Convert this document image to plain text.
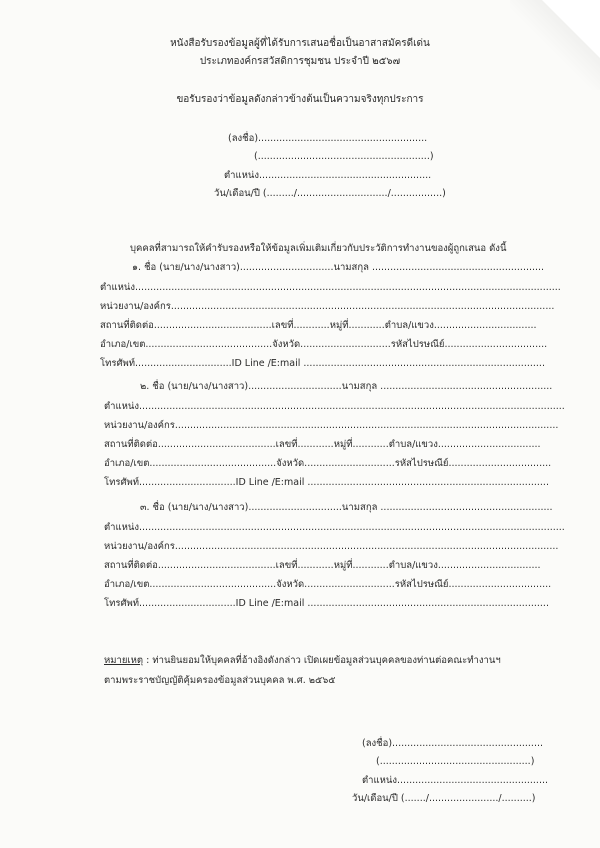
หนังสือรับรองข้อมูลผู้ที่ได้รับการเสนอชื่อเป็นอาสาสมัครดีเด่น
ประเภทองค์กรสวัสดิการชุมชน ประจำปี ๒๕๖๗
ขอรับรองว่าข้อมูลดังกล่าวข้างต้นเป็นความจริงทุกประการ
(ลงชื่อ)........................................................
(.........................................................)
ตำแหน่ง.........................................................
วัน/เดือน/ปี (........./............................../.................)
บุคคลที่สามารถให้คำรับรองหรือให้ข้อมูลเพิ่มเติมเกี่ยวกับประวัติการทำงานของผู้ถูกเสนอ ดังนี้
๑. ชื่อ (นาย/นาง/นางสาว)...............................นามสกุล .........................................................
ตำแหน่ง.............................................................................................................................................
หน่วยงาน/องค์กร...............................................................................................................................
สถานที่ติดต่อ.......................................เลขที่............หมู่ที่............ตำบล/แขวง..................................
อำเภอ/เขต..........................................จังหวัด..............................รหัสไปรษณีย์..................................
โทรศัพท์................................ID Line /E:mail ................................................................................
๒. ชื่อ (นาย/นาง/นางสาว)...............................นามสกุล .........................................................
ตำแหน่ง.............................................................................................................................................
หน่วยงาน/องค์กร...............................................................................................................................
สถานที่ติดต่อ.......................................เลขที่............หมู่ที่............ตำบล/แขวง..................................
อำเภอ/เขต..........................................จังหวัด..............................รหัสไปรษณีย์..................................
โทรศัพท์................................ID Line /E:mail ................................................................................
๓. ชื่อ (นาย/นาง/นางสาว)...............................นามสกุล .........................................................
ตำแหน่ง.............................................................................................................................................
หน่วยงาน/องค์กร...............................................................................................................................
สถานที่ติดต่อ.......................................เลขที่............หมู่ที่............ตำบล/แขวง..................................
อำเภอ/เขต..........................................จังหวัด..............................รหัสไปรษณีย์..................................
โทรศัพท์................................ID Line /E:mail ................................................................................
หมายเหตุ : ท่านยินยอมให้บุคคลที่อ้างอิงดังกล่าว เปิดเผยข้อมูลส่วนบุคคลของท่านต่อคณะทำงานฯ
ตามพระราชบัญญัติคุ้มครองข้อมูลส่วนบุคคล พ.ศ. ๒๕๖๕
(ลงชื่อ)..................................................
(..................................................)
ตำแหน่ง..................................................
วัน/เดือน/ปี (......./......................./..........)
